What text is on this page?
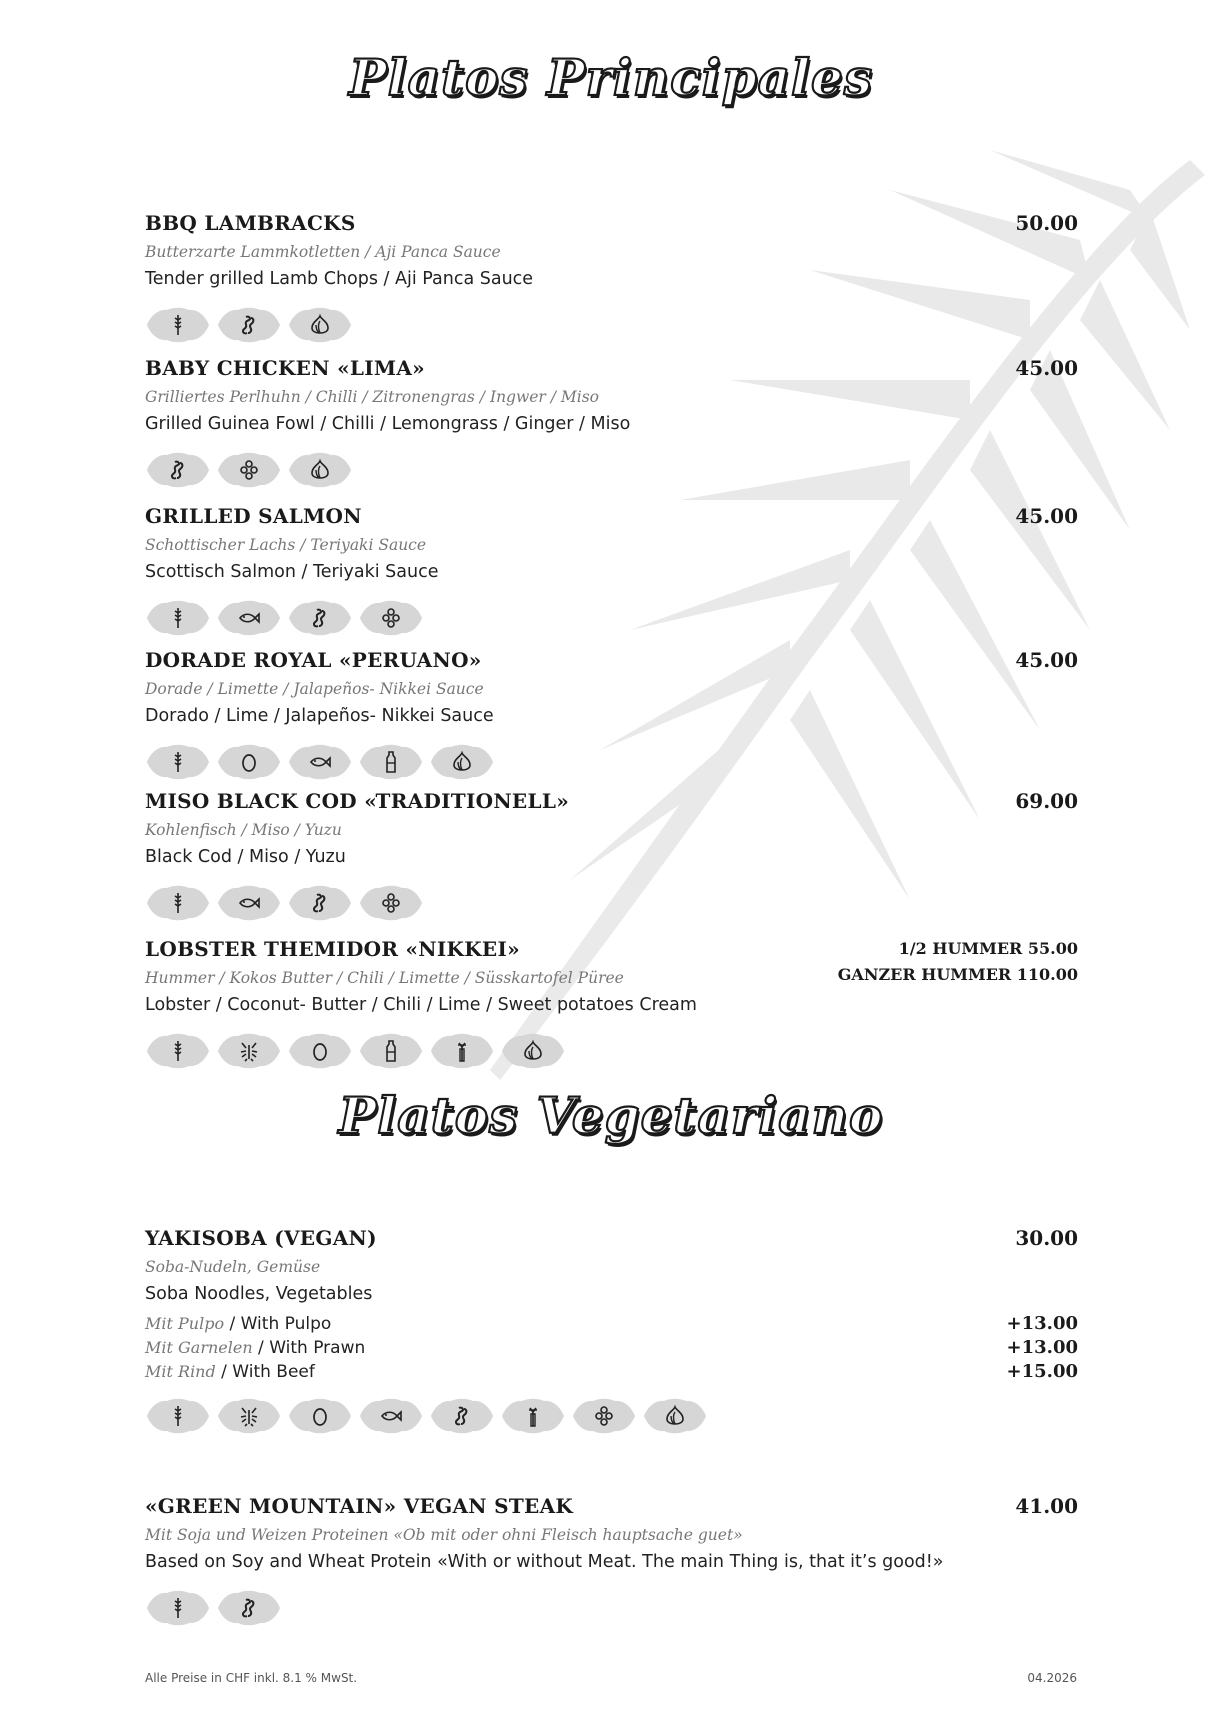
Platos Principales
BBQ LAMBRACKS	50.00
Butterzarte Lammkotletten / Aji Panca Sauce
Tender grilled Lamb Chops / Aji Panca Sauce
BABY CHICKEN «LIMA»	45.00
Grilliertes Perlhuhn / Chilli / Zitronengras / Ingwer / Miso
Grilled Guinea Fowl / Chilli / Lemongrass / Ginger / Miso
GRILLED SALMON	45.00
Schottischer Lachs / Teriyaki Sauce
Scottisch Salmon / Teriyaki Sauce
DORADE ROYAL «PERUANO»	45.00
Dorade / Limette / Jalapeños- Nikkei Sauce
Dorado / Lime / Jalapeños- Nikkei Sauce
MISO BLACK COD «TRADITIONELL»	69.00
Kohlenfisch / Miso / Yuzu
Black Cod / Miso / Yuzu
LOBSTER THEMIDOR «NIKKEI»	1/2 HUMMER 55.00
GANZER HUMMER 110.00
Hummer / Kokos Butter / Chili / Limette / Süsskartofel Püree
Lobster / Coconut- Butter / Chili / Lime / Sweet potatoes Cream
Platos Vegetariano
YAKISOBA (VEGAN)	30.00
Soba-Nudeln, Gemüse
Soba Noodles, Vegetables
Mit Pulpo / With Pulpo	+13.00
Mit Garnelen / With Prawn	+13.00
Mit Rind / With Beef	+15.00
«GREEN MOUNTAIN» VEGAN STEAK	41.00
Mit Soja und Weizen Proteinen «Ob mit oder ohni Fleisch hauptsache guet»
Based on Soy and Wheat Protein «With or without Meat. The main Thing is, that it’s good!»
Alle Preise in CHF inkl. 8.1 % MwSt.	04.2026
